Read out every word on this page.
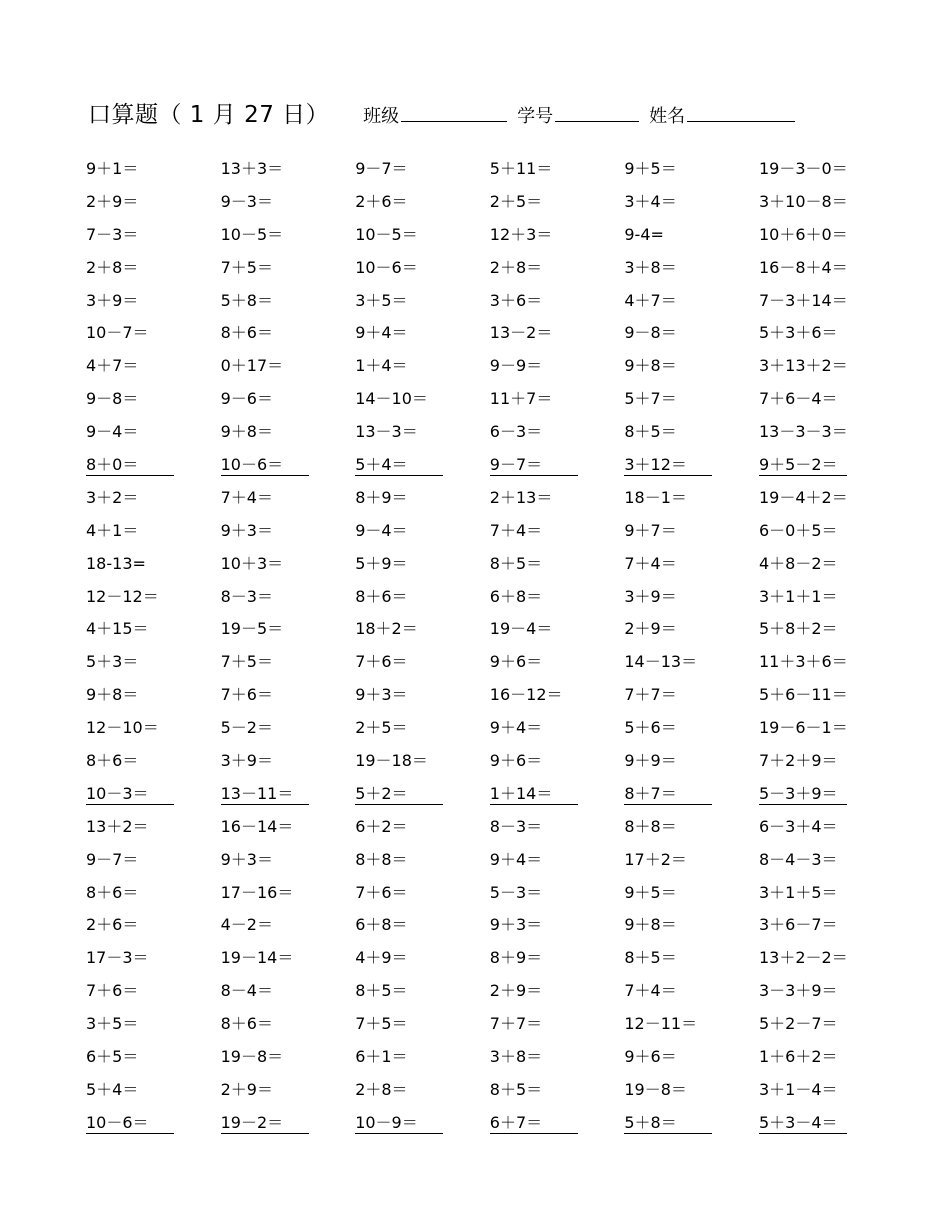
口算题（ 1 月 27 日） 班级	学号	姓名
9＋1＝	13＋3＝	9－7＝	5＋11＝	9＋5＝	19－3－0＝
2＋9＝	9－3＝	2＋6＝	2＋5＝	3＋4＝	3＋10－8＝
7－3＝	10－5＝	10－5＝	12＋3＝	9-4=	10＋6＋0＝
2＋8＝	7＋5＝	10－6＝	2＋8＝	3＋8＝	16－8＋4＝
3＋9＝	5＋8＝	3＋5＝	3＋6＝	4＋7＝	7－3＋14＝
10－7＝	8＋6＝	9＋4＝	13－2＝	9－8＝	5＋3＋6＝
4＋7＝	0＋17＝	1＋4＝	9－9＝	9＋8＝	3＋13＋2＝
9－8＝	9－6＝	14－10＝	11＋7＝	5＋7＝	7＋6－4＝
9－4＝	9＋8＝	13－3＝	6－3＝	8＋5＝	13－3－3＝
8＋0＝	10－6＝	5＋4＝	9－7＝	3＋12＝	9＋5－2＝
3＋2＝	7＋4＝	8＋9＝	2＋13＝	18－1＝	19－4＋2＝
4＋1＝	9＋3＝	9－4＝	7＋4＝	9＋7＝	6－0＋5＝
18-13=	10＋3＝	5＋9＝	8＋5＝	7＋4＝	4＋8－2＝
12－12＝	8－3＝	8＋6＝	6＋8＝	3＋9＝	3＋1＋1＝
4＋15＝	19－5＝	18＋2＝	19－4＝	2＋9＝	5＋8＋2＝
5＋3＝	7＋5＝	7＋6＝	9＋6＝	14－13＝	11＋3＋6＝
9＋8＝	7＋6＝	9＋3＝	16－12＝	7＋7＝	5＋6－11＝
12－10＝	5－2＝	2＋5＝	9＋4＝	5＋6＝	19－6－1＝
8＋6＝	3＋9＝	19－18＝	9＋6＝	9＋9＝	7＋2＋9＝
10－3＝	13－11＝	5＋2＝	1＋14＝	8＋7＝	5－3＋9＝
13＋2＝	16－14＝	6＋2＝	8－3＝	8＋8＝	6－3＋4＝
9－7＝	9＋3＝	8＋8＝	9＋4＝	17＋2＝	8－4－3＝
8＋6＝	17－16＝	7＋6＝	5－3＝	9＋5＝	3＋1＋5＝
2＋6＝	4－2＝	6＋8＝	9＋3＝	9＋8＝	3＋6－7＝
17－3＝	19－14＝	4＋9＝	8＋9＝	8＋5＝	13＋2－2＝
7＋6＝	8－4＝	8＋5＝	2＋9＝	7＋4＝	3－3＋9＝
3＋5＝	8＋6＝	7＋5＝	7＋7＝	12－11＝	5＋2－7＝
6＋5＝	19－8＝	6＋1＝	3＋8＝	9＋6＝	1＋6＋2＝
5＋4＝	2＋9＝	2＋8＝	8＋5＝	19－8＝	3＋1－4＝
10－6＝	19－2＝	10－9＝	6＋7＝	5＋8＝	5＋3－4＝
